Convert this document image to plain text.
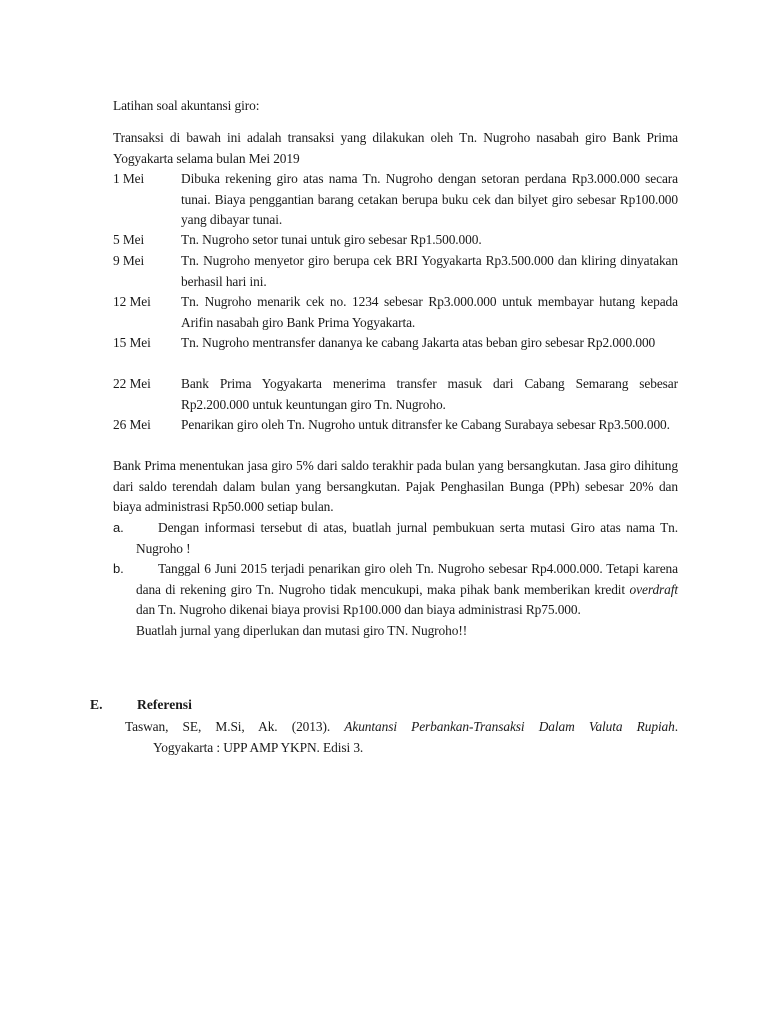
Latihan soal akuntansi giro:
Transaksi di bawah ini adalah transaksi yang dilakukan oleh Tn. Nugroho nasabah giro Bank Prima Yogyakarta selama bulan Mei 2019
1 Mei	Dibuka rekening giro atas nama Tn. Nugroho dengan setoran perdana Rp3.000.000 secara tunai. Biaya penggantian barang cetakan berupa buku cek dan bilyet giro sebesar Rp100.000 yang dibayar tunai.
5 Mei	Tn. Nugroho setor tunai untuk giro sebesar Rp1.500.000.
9 Mei	Tn. Nugroho menyetor giro berupa cek BRI Yogyakarta Rp3.500.000 dan kliring dinyatakan berhasil hari ini.
12 Mei	Tn. Nugroho menarik cek no. 1234 sebesar Rp3.000.000 untuk membayar hutang kepada Arifin nasabah giro Bank Prima Yogyakarta.
15 Mei	Tn. Nugroho mentransfer dananya ke cabang Jakarta atas beban giro sebesar Rp2.000.000
22 Mei	Bank Prima Yogyakarta menerima transfer masuk dari Cabang Semarang sebesar Rp2.200.000 untuk keuntungan giro Tn. Nugroho.
26 Mei	Penarikan giro oleh Tn. Nugroho untuk ditransfer ke Cabang Surabaya sebesar Rp3.500.000.
Bank Prima menentukan jasa giro 5% dari saldo terakhir pada bulan yang bersangkutan. Jasa giro dihitung dari saldo terendah dalam bulan yang bersangkutan. Pajak Penghasilan Bunga (PPh) sebesar 20% dan biaya administrasi Rp50.000 setiap bulan.
a.	Dengan informasi tersebut di atas, buatlah jurnal pembukuan serta mutasi Giro atas nama Tn. Nugroho !
b.	Tanggal 6 Juni 2015 terjadi penarikan giro oleh Tn. Nugroho sebesar Rp4.000.000. Tetapi karena dana di rekening giro Tn. Nugroho tidak mencukupi, maka pihak bank memberikan kredit overdraft dan Tn. Nugroho dikenai biaya provisi Rp100.000 dan biaya administrasi Rp75.000.
Buatlah jurnal yang diperlukan dan mutasi giro TN. Nugroho!!
E.	Referensi
Taswan, SE, M.Si, Ak. (2013). Akuntansi Perbankan-Transaksi Dalam Valuta Rupiah.
Yogyakarta : UPP AMP YKPN. Edisi 3.
